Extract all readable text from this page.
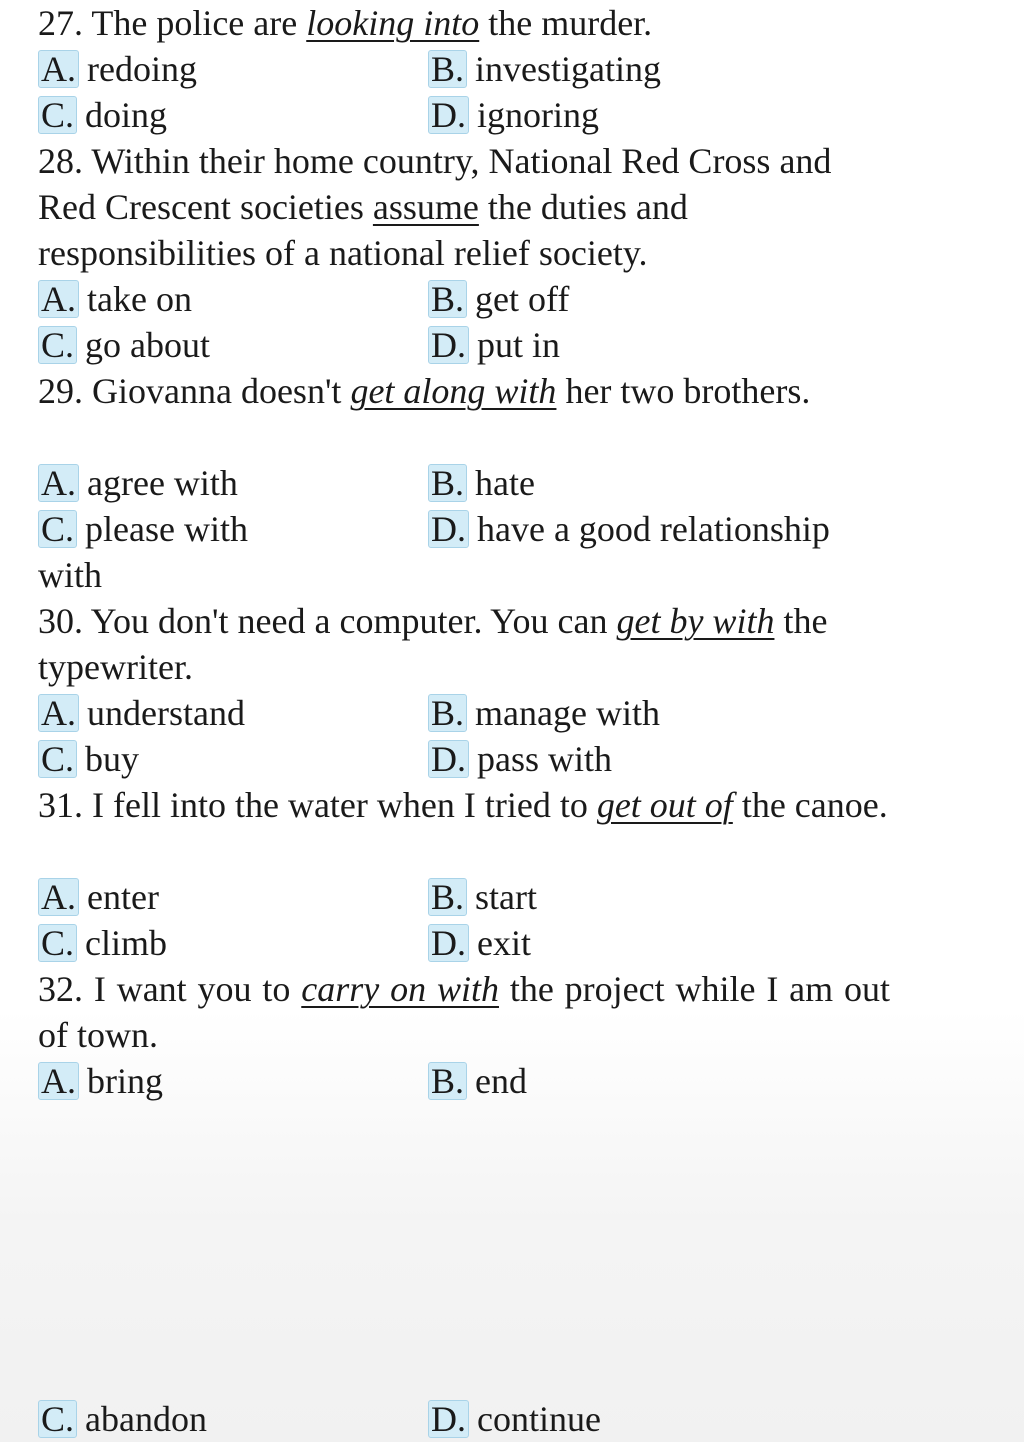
27. The police are looking into the murder.

A. redoing	B. investigating
C. doing	D. ignoring

28. Within their home country, National Red Cross and Red Crescent societies assume the duties and responsibilities of a national relief society.

A. take on	B. get off
C. go about	D. put in

29. Giovanna doesn't get along with her two brothers.

A. agree with	B. hate
C. please with	D. have a good relationship
with

30. You don't need a computer. You can get by with the typewriter.

A. understand	B. manage with
C. buy	D. pass with

31. I fell into the water when I tried to get out of the canoe.

A. enter	B. start
C. climb	D. exit

32. I want you to carry on with the project while I am out of town.

A. bring	B. end
C. abandon	D. continue
